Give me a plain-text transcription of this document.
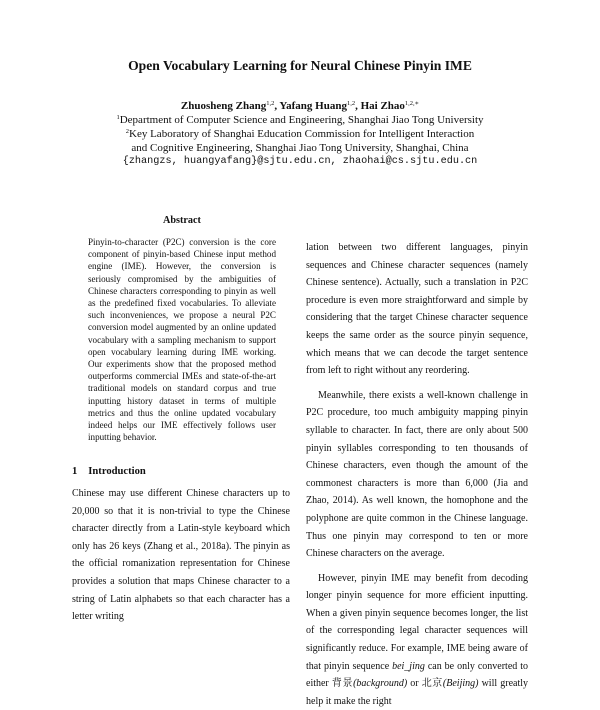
Open Vocabulary Learning for Neural Chinese Pinyin IME
Zhuosheng Zhang$^{1,2}$, Yafang Huang$^{1,2}$, Hai Zhao$^{1,2,∗}$
$^1$Department of Computer Science and Engineering, Shanghai Jiao Tong University
$^2$Key Laboratory of Shanghai Education Commission for Intelligent Interaction
and Cognitive Engineering, Shanghai Jiao Tong University, Shanghai, China
{zhangzs, huangyafang}@sjtu.edu.cn, zhaohai@cs.sjtu.edu.cn
Abstract
Pinyin-to-character (P2C) conversion is the core component of pinyin-based Chinese input method engine (IME). However, the conversion is seriously compromised by the ambiguities of Chinese characters corresponding to pinyin as well as the predefined fixed vocabularies. To alleviate such inconveniences, we propose a neural P2C conversion model augmented by an online updated vocabulary with a sampling mechanism to support open vocabulary learning during IME working. Our experiments show that the proposed method outperforms commercial IMEs and state-of-the-art traditional models on standard corpus and true inputting history dataset in terms of multiple metrics and thus the online updated vocabulary indeed helps our IME effectively follows user inputting behavior.
1 Introduction

Chinese may use different Chinese characters up to 20,000 so that it is non-trivial to type the Chinese character directly from a Latin-style keyboard which only has 26 keys (Zhang et al., 2018a). The pinyin as the official romanization representation for Chinese provides a solution that maps Chinese character to a string of Latin alphabets so that each character has a letter writing

lation between two different languages, pinyin sequences and Chinese character sequences (namely Chinese sentence). Actually, such a translation in P2C procedure is even more straightforward and simple by considering that the target Chinese character sequence keeps the same order as the source pinyin sequence, which means that we can decode the target sentence from left to right without any reordering.

Meanwhile, there exists a well-known challenge in P2C procedure, too much ambiguity mapping pinyin syllable to character. In fact, there are only about 500 pinyin syllables corresponding to ten thousands of Chinese characters, even though the amount of the commonest characters is more than 6,000 (Jia and Zhao, 2014). As well known, the homophone and the polyphone are quite common in the Chinese language. Thus one pinyin may correspond to ten or more Chinese characters on the average.

However, pinyin IME may benefit from decoding longer pinyin sequence for more efficient inputting. When a given pinyin sequence becomes longer, the list of the corresponding legal character sequences will significantly reduce. For example, IME being aware of that pinyin sequence bei_jing can be only converted to either 背景(background) or 北京(Beijing) will greatly help it make the right
